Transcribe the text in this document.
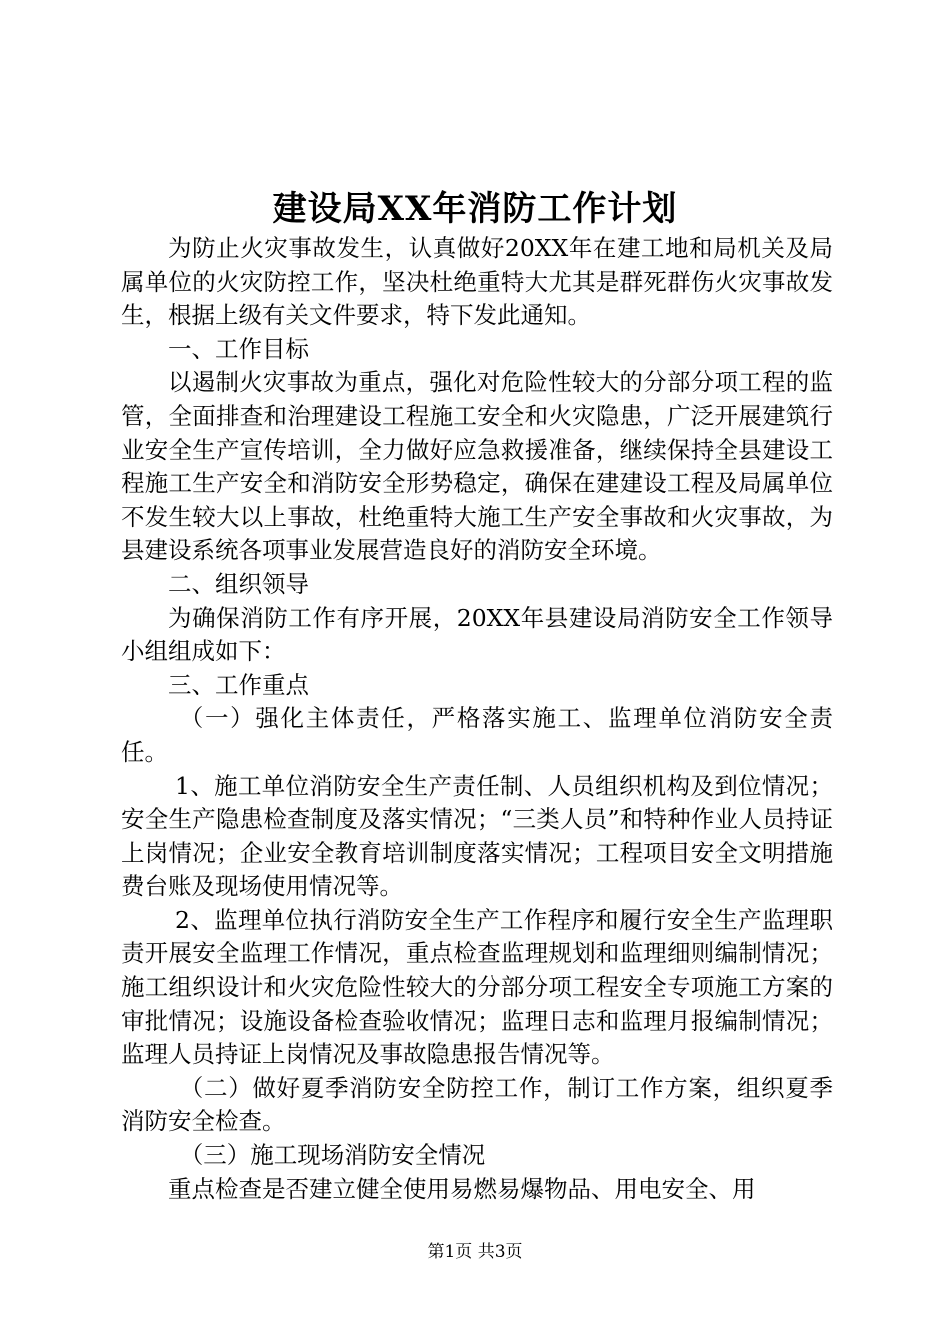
建设局XX年消防工作计划

为防止火灾事故发生，认真做好20XX年在建工地和局机关及局属单位的火灾防控工作，坚决杜绝重特大尤其是群死群伤火灾事故发生，根据上级有关文件要求，特下发此通知。

一、工作目标

以遏制火灾事故为重点，强化对危险性较大的分部分项工程的监管，全面排查和治理建设工程施工安全和火灾隐患，广泛开展建筑行业安全生产宣传培训，全力做好应急救援准备，继续保持全县建设工程施工生产安全和消防安全形势稳定，确保在建建设工程及局属单位不发生较大以上事故，杜绝重特大施工生产安全事故和火灾事故，为县建设系统各项事业发展营造良好的消防安全环境。

二、组织领导

为确保消防工作有序开展，20XX年县建设局消防安全工作领导小组组成如下：

三、工作重点

（一）强化主体责任，严格落实施工、监理单位消防安全责任。

1、施工单位消防安全生产责任制、人员组织机构及到位情况；安全生产隐患检查制度及落实情况；“三类人员”和特种作业人员持证上岗情况；企业安全教育培训制度落实情况；工程项目安全文明措施费台账及现场使用情况等。

2、监理单位执行消防安全生产工作程序和履行安全生产监理职责开展安全监理工作情况，重点检查监理规划和监理细则编制情况；施工组织设计和火灾危险性较大的分部分项工程安全专项施工方案的审批情况；设施设备检查验收情况；监理日志和监理月报编制情况；监理人员持证上岗情况及事故隐患报告情况等。

（二）做好夏季消防安全防控工作，制订工作方案，组织夏季消防安全检查。

（三）施工现场消防安全情况

重点检查是否建立健全使用易燃易爆物品、用电安全、用

第1页 共3页
